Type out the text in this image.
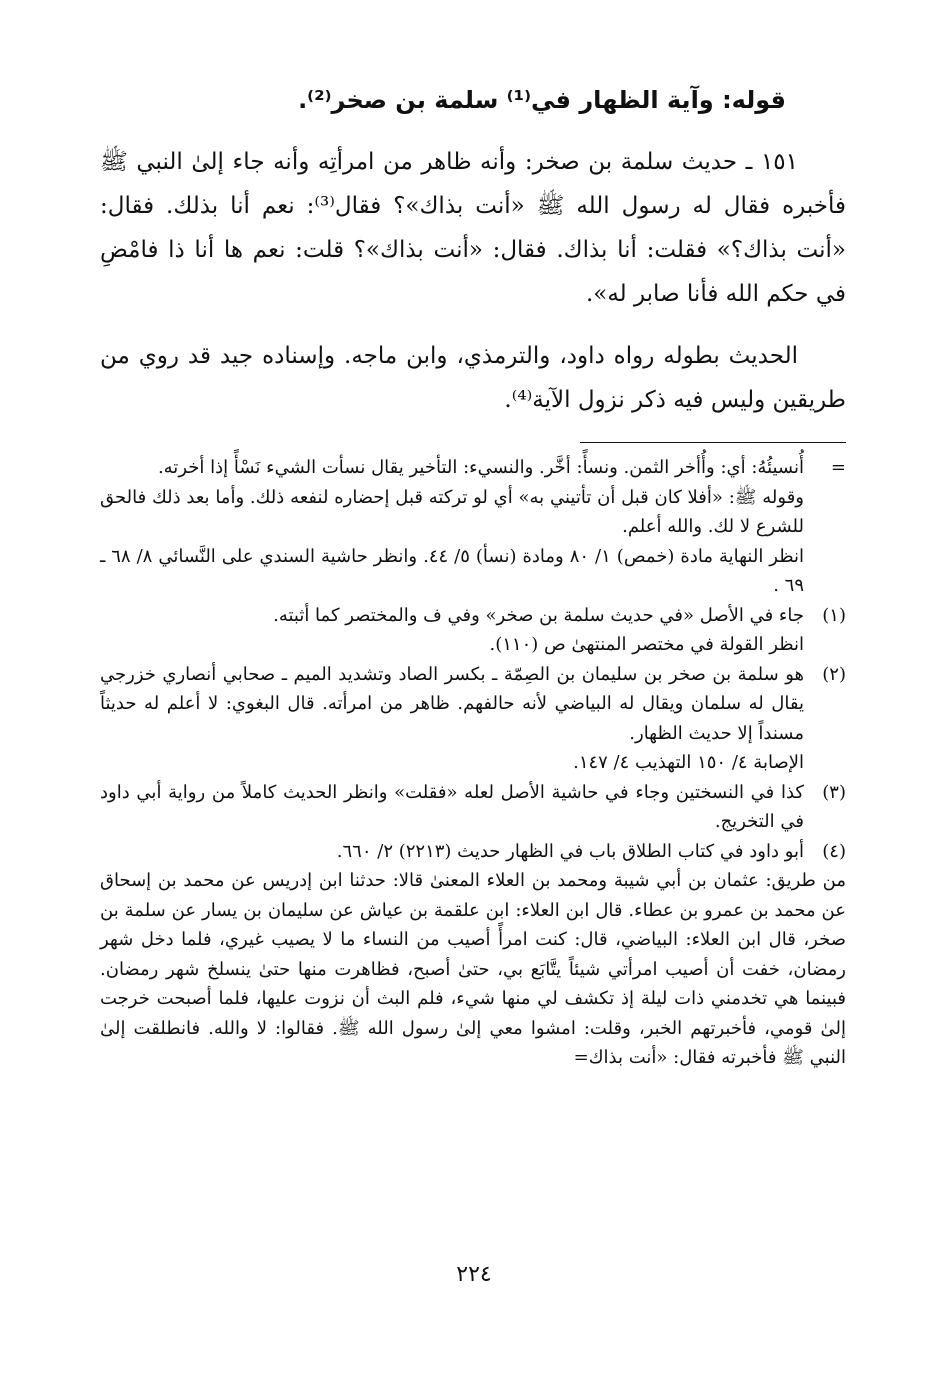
قوله: وآية الظهار في⁽¹⁾ سلمة بن صخر⁽²⁾.
١٥١ ـ حديث سلمة بن صخر: وأنه ظاهر من امرأتِه وأنه جاء إلىٰ النبي ﷺ فأخبره فقال له رسول الله ﷺ «أنت بذاك»؟ فقال⁽³⁾: نعم أنا بذلك. فقال: «أنت بذاك؟» فقلت: أنا بذاك. فقال: «أنت بذاك»؟ قلت: نعم ها أنا ذا فامْضِ في حكم الله فأنا صابر له».
الحديث بطوله رواه داود، والترمذي، وابن ماجه. وإسناده جيد قد روي من طريقين وليس فيه ذكر نزول الآية⁽⁴⁾.
=
أُنسيئُهُ: أي: وأُأخر الثمن. ونسأً: أخَّر. والنسيء: التأخير يقال نسأت الشيء نَسْأً إذا أخرته.
وقوله ﷺ: «أفلا كان قبل أن تأتيني به» أي لو تركته قبل إحضاره لنفعه ذلك. وأما بعد ذلك فالحق للشرع لا لك. والله أعلم.
انظر النهاية مادة (خمص) ١/ ٨٠ ومادة (نسأ) ٥/ ٤٤. وانظر حاشية السندي على النَّسائي ٨/ ٦٨ ـ ٦٩ .
(١)
جاء في الأصل «في حديث سلمة بن صخر» وفي ف والمختصر كما أثبته.
انظر القولة في مختصر المنتهىٰ ص (١١٠).
(٢)
هو سلمة بن صخر بن سليمان بن الصِمّة ـ بكسر الصاد وتشديد الميم ـ صحابي أنصاري خزرجي يقال له سلمان ويقال له البياضي لأنه حالفهم. ظاهر من امرأته. قال البغوي: لا أعلم له حديثاً مسنداً إلا حديث الظهار.
الإصابة ٤/ ١٥٠ التهذيب ٤/ ١٤٧.
(٣)
كذا في النسختين وجاء في حاشية الأصل لعله «فقلت» وانظر الحديث كاملاً من رواية أبي داود في التخريج.
(٤)
أبو داود في كتاب الطلاق باب في الظهار حديث (٢٢١٣) ٢/ ٦٦٠.
من طريق: عثمان بن أبي شيبة ومحمد بن العلاء المعنىٰ قالا: حدثنا ابن إدريس عن محمد بن إسحاق عن محمد بن عمرو بن عطاء. قال ابن العلاء: ابن علقمة بن عياش عن سليمان بن يسار عن سلمة بن صخر، قال ابن العلاء: البياضي، قال: كنت امرأً أصيب من النساء ما لا يصيب غيري، فلما دخل شهر رمضان، خفت أن أصيب امرأتي شيئاً يتَّابَع بي، حتىٰ أصبح، فظاهرت منها حتىٰ ينسلخ شهر رمضان. فبينما هي تخدمني ذات ليلة إذ تكشف لي منها شيء، فلم البث أن نزوت عليها، فلما أصبحت خرجت إلىٰ قومي، فأخبرتهم الخبر، وقلت: امشوا معي إلىٰ رسول الله ﷺ. فقالوا: لا والله. فانطلقت إلىٰ النبي ﷺ فأخبرته فقال: «أنت بذاك=
٢٢٤
